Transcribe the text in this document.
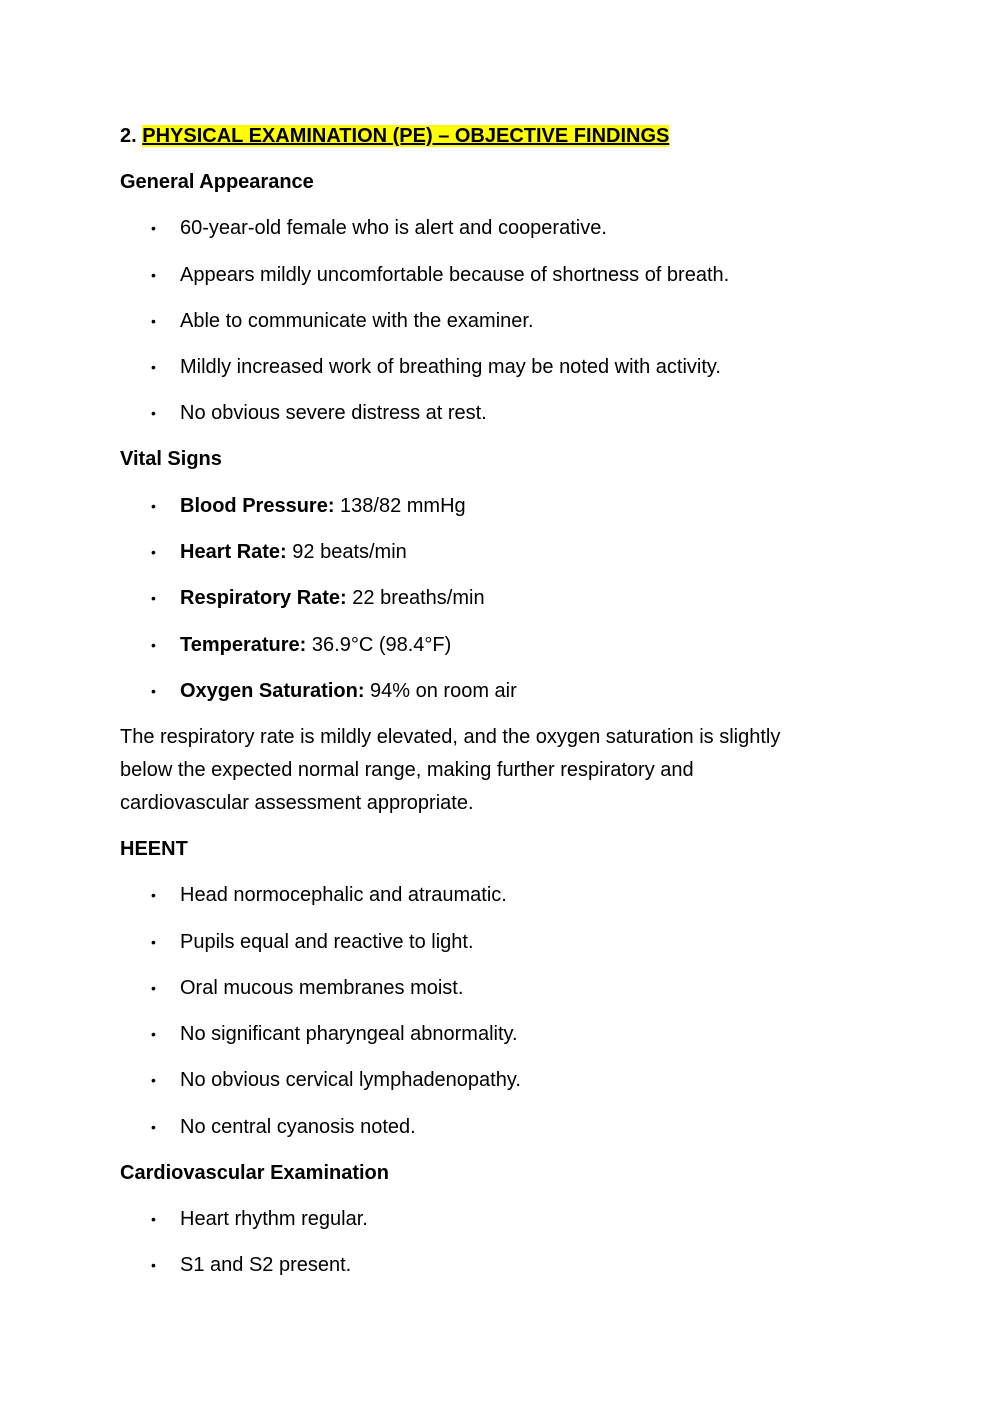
2. PHYSICAL EXAMINATION (PE) – OBJECTIVE FINDINGS

General Appearance

• 60-year-old female who is alert and cooperative.
• Appears mildly uncomfortable because of shortness of breath.
• Able to communicate with the examiner.
• Mildly increased work of breathing may be noted with activity.
• No obvious severe distress at rest.

Vital Signs

• Blood Pressure: 138/82 mmHg
• Heart Rate: 92 beats/min
• Respiratory Rate: 22 breaths/min
• Temperature: 36.9°C (98.4°F)
• Oxygen Saturation: 94% on room air

The respiratory rate is mildly elevated, and the oxygen saturation is slightly
below the expected normal range, making further respiratory and
cardiovascular assessment appropriate.

HEENT

• Head normocephalic and atraumatic.
• Pupils equal and reactive to light.
• Oral mucous membranes moist.
• No significant pharyngeal abnormality.
• No obvious cervical lymphadenopathy.
• No central cyanosis noted.

Cardiovascular Examination

• Heart rhythm regular.
• S1 and S2 present.
